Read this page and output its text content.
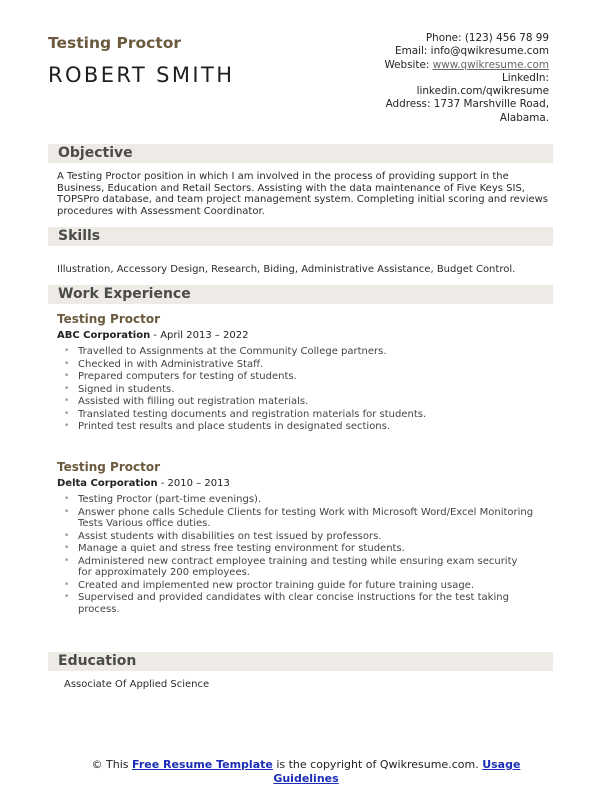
Testing Proctor
ROBERT SMITH
Phone: (123) 456 78 99
Email: info@qwikresume.com
Website: www.qwikresume.com
LinkedIn:
linkedin.com/qwikresume
Address: 1737 Marshville Road,
Alabama.
Objective
A Testing Proctor position in which I am involved in the process of providing support in the Business, Education and Retail Sectors. Assisting with the data maintenance of Five Keys SIS, TOPSPro database, and team project management system. Completing initial scoring and reviews procedures with Assessment Coordinator.
Skills
Illustration, Accessory Design, Research, Biding, Administrative Assistance, Budget Control.
Work Experience
Testing Proctor
ABC Corporation - April 2013 – 2022
• Travelled to Assignments at the Community College partners.
• Checked in with Administrative Staff.
• Prepared computers for testing of students.
• Signed in students.
• Assisted with filling out registration materials.
• Translated testing documents and registration materials for students.
• Printed test results and place students in designated sections.
Testing Proctor
Delta Corporation - 2010 – 2013
• Testing Proctor (part-time evenings).
• Answer phone calls Schedule Clients for testing Work with Microsoft Word/Excel Monitoring Tests Various office duties.
• Assist students with disabilities on test issued by professors.
• Manage a quiet and stress free testing environment for students.
• Administered new contract employee training and testing while ensuring exam security for approximately 200 employees.
• Created and implemented new proctor training guide for future training usage.
• Supervised and provided candidates with clear concise instructions for the test taking process.
Education
Associate Of Applied Science
© This Free Resume Template is the copyright of Qwikresume.com. Usage Guidelines
